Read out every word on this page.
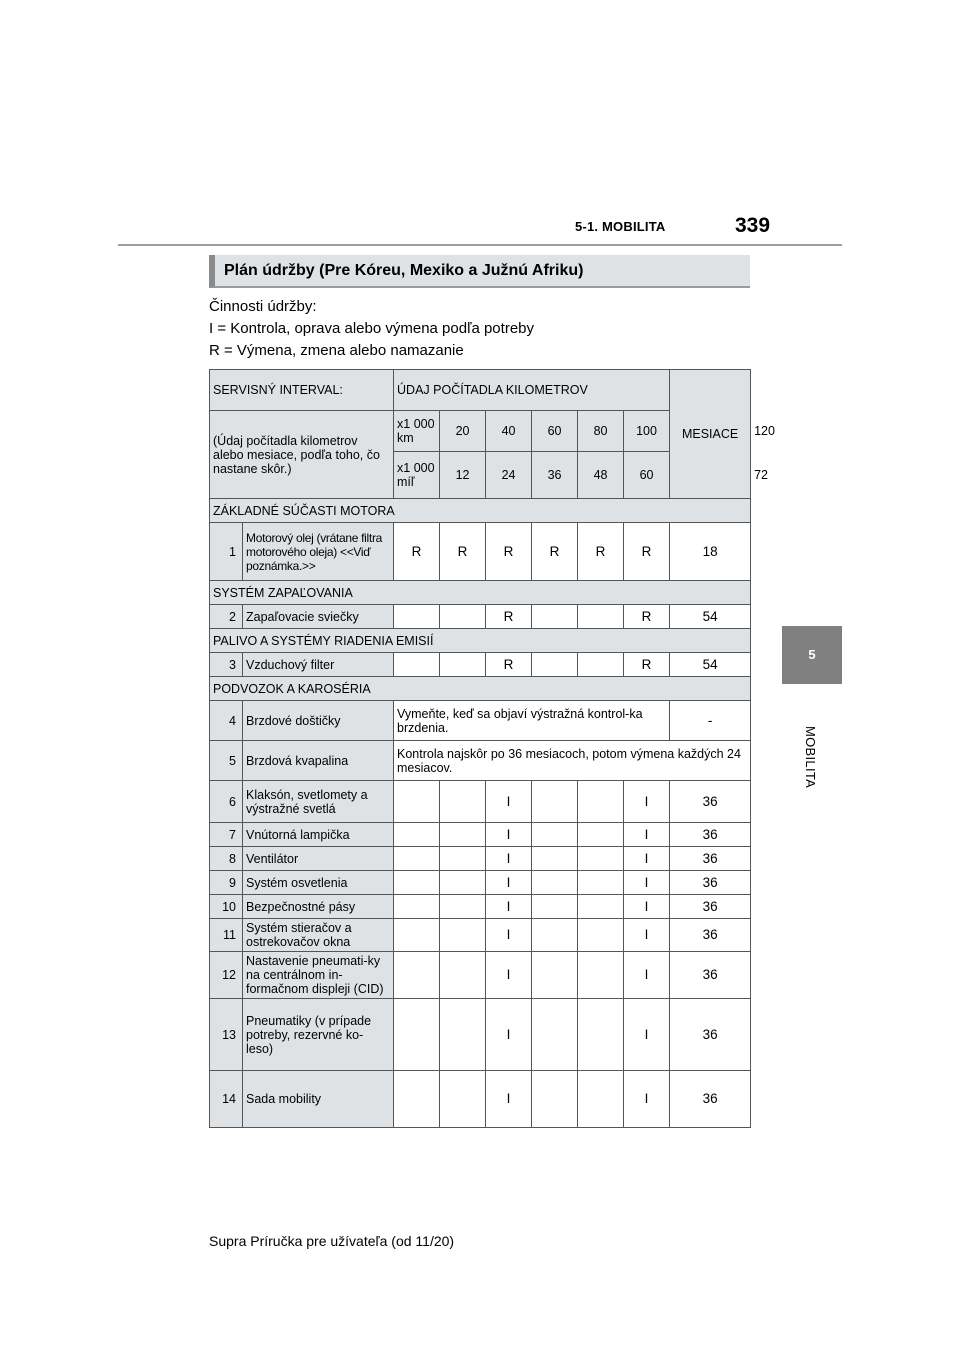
5-1. MOBILITA	339
5
MOBILITA
Plán údržby (Pre Kóreu, Mexiko a Južnú Afriku)
Činnosti údržby:
I = Kontrola, oprava alebo výmena podľa potreby
R = Výmena, zmena alebo namazanie
SERVISNÝ INTERVAL:		ÚDAJ POČÍTADLA KILOMETROV						MESIACE	
(Údaj počítadla kilometrov alebo mesiace, podľa toho, čo nastane skôr.)		x1 000 km	20	40	60	80	100		120
		x1 000 míľ	12	24	36	48	60		72
ZÁKLADNÉ SÚČASTI MOTORA									
1	Motorový olej (vrátane filtra motorového oleja) <<Viď poznámka.>>	R	R	R	R	R	R	18	
SYSTÉM ZAPAĽOVANIA									
2	Zapaľovacie sviečky			R			R	54	
PALIVO A SYSTÉMY RIADENIA EMISIÍ									
3	Vzduchový filter			R			R	54	
PODVOZOK A KAROSÉRIA									
4	Brzdové doštičky	Vymeňte, keď sa objaví výstražná kontrol-ka brzdenia.						-	
5	Brzdová kvapalina	Kontrola najskôr po 36 mesiacoch, potom výmena každých 24 mesiacov.							
6	Klaksón, svetlomety a výstražné svetlá			I			I	36	
7	Vnútorná lampička			I			I	36	
8	Ventilátor			I			I	36	
9	Systém osvetlenia			I			I	36	
10	Bezpečnostné pásy			I			I	36	
11	Systém stieračov a ostrekovačov okna			I			I	36	
12	Nastavenie pneumati-ky na centrálnom in-formačnom displeji (CID)			I			I	36	
13	Pneumatiky (v prípade potreby, rezervné ko-leso)			I			I	36	
14	Sada mobility			I			I	36	
Supra Príručka pre užívateľa (od 11/20)
